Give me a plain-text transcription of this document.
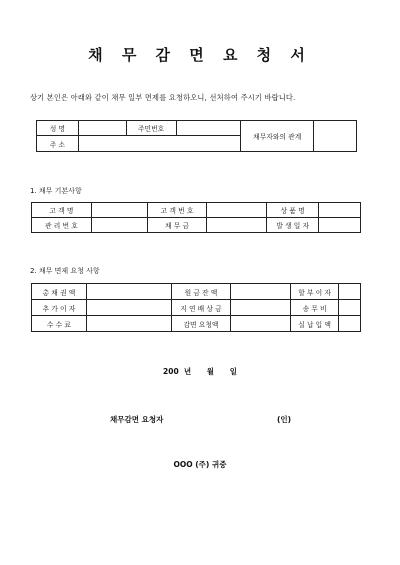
채 무 감 면 요 청 서
상기 본인은 아래와 같이 채무 일부 면제를 요청하오니, 선처하여 주시기 바랍니다.
성 명		주민번호		채무자와의 관계	
주 소					
1. 채무 기본사항
고 객 명		고 객 번 호		상 품 명	
관 리 번 호		채 무 금		발 생 일 자	
2. 채무 면제 요청 사항
총 채 권 액		원 금 잔 액		할 부 이 자	
추 가 이 자		지 연 배 상 금		송 무 비	
수 수 료		감면 요청액		실 납 입 액	
200  년      월      일
채무감면 요청자	(인)
OOO (주) 귀중
